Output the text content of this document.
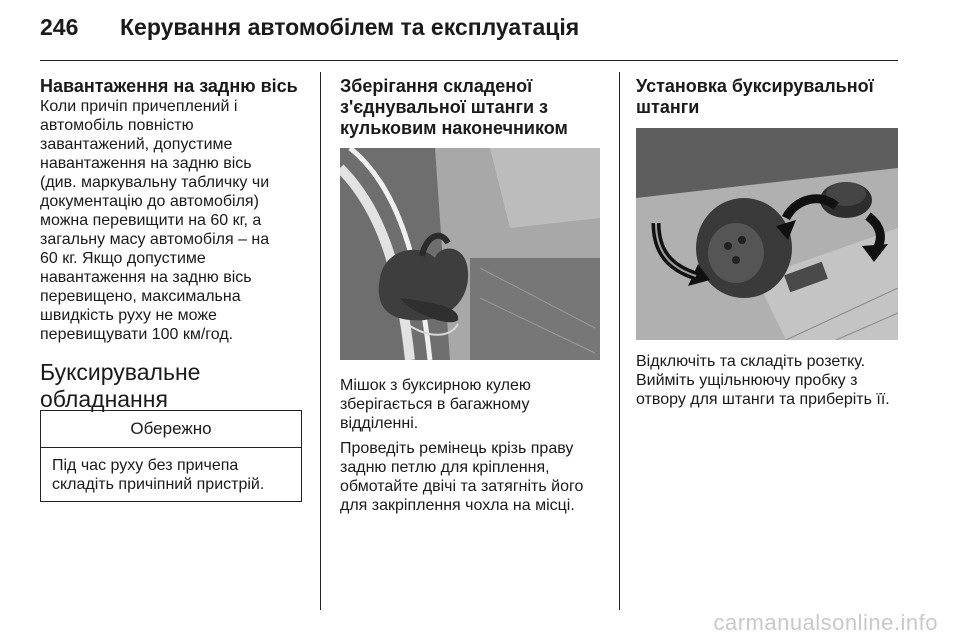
246 Керування автомобілем та експлуатація
Навантаження на задню вісь

Коли причіп причеплений і

автомобіль повністю

завантажений, допустиме

навантаження на задню вісь

(див. маркувальну табличку чи

документацію до автомобіля)

можна перевищити на 60 кг, а

загальну масу автомобіля – на

60 кг. Якщо допустиме

навантаження на задню вісь

перевищено, максимальна

швидкість руху не може

перевищувати 100 км/год.

Буксирувальне
обладнання
Обережно
Під час руху без причепа
складіть причіпний пристрій.
Зберігання складеної
з'єднувальної штанги з
кульковим наконечником

Мішок з буксирною кулею

зберігається в багажному

відділенні.

Проведіть ремінець крізь праву

задню петлю для кріплення,

обмотайте двічі та затягніть його

для закріплення чохла на місці.

Установка буксирувальної
штанги

Відключіть та складіть розетку.

Вийміть ущільнюючу пробку з

отвору для штанги та приберіть її.

carmanualsonline.info
